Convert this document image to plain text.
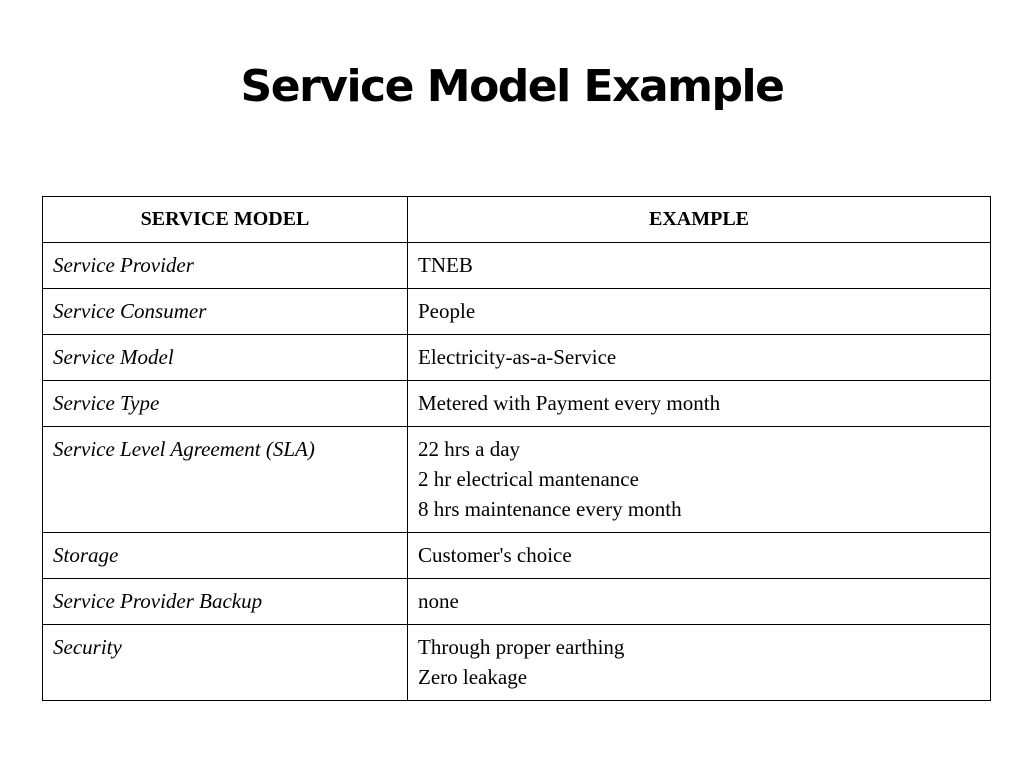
Service Model Example
SERVICE MODEL	EXAMPLE
Service Provider	TNEB

Service Consumer	People

Service Model	Electricity-as-a-Service

Service Type	Metered with Payment every month

Service Level Agreement (SLA)	22 hrs a day
2 hr electrical mantenance
8 hrs maintenance every month

Storage	Customer's choice

Service Provider Backup	none

Security	Through proper earthing
Zero leakage
